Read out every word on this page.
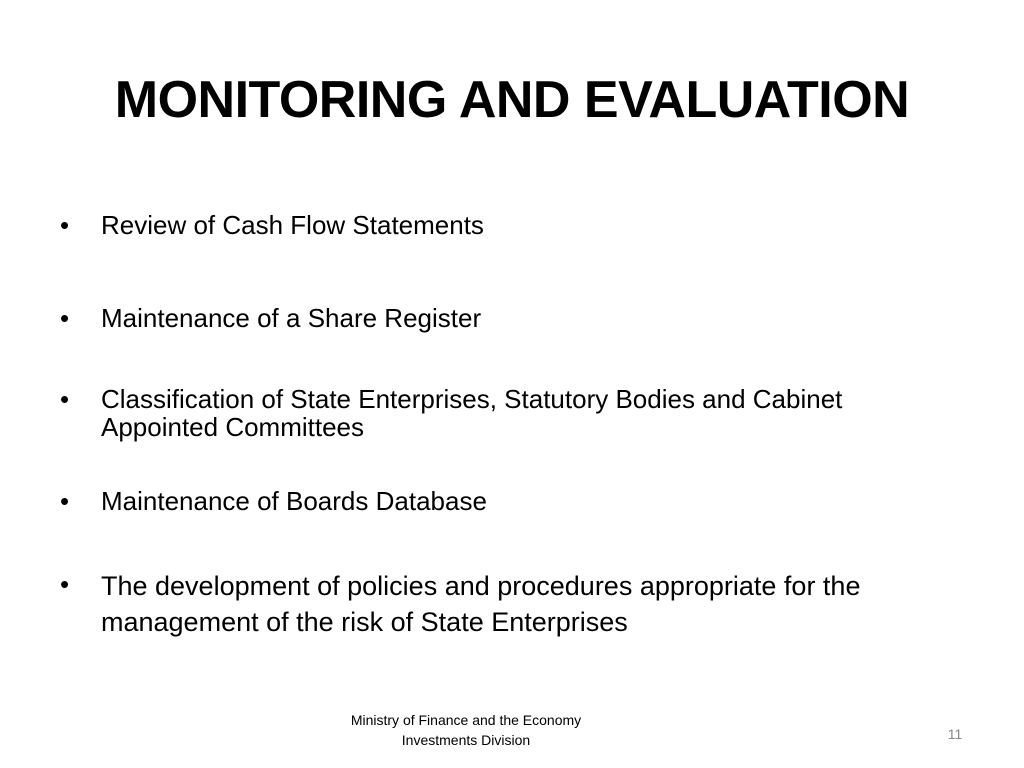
MONITORING AND EVALUATION
• Review of Cash Flow Statements
• Maintenance of a Share Register
• Classification of State Enterprises, Statutory Bodies and Cabinet Appointed Committees
• Maintenance of Boards Database
• The development of policies and procedures appropriate for the management of the risk of State Enterprises
Ministry of Finance and the Economy
Investments Division	11
